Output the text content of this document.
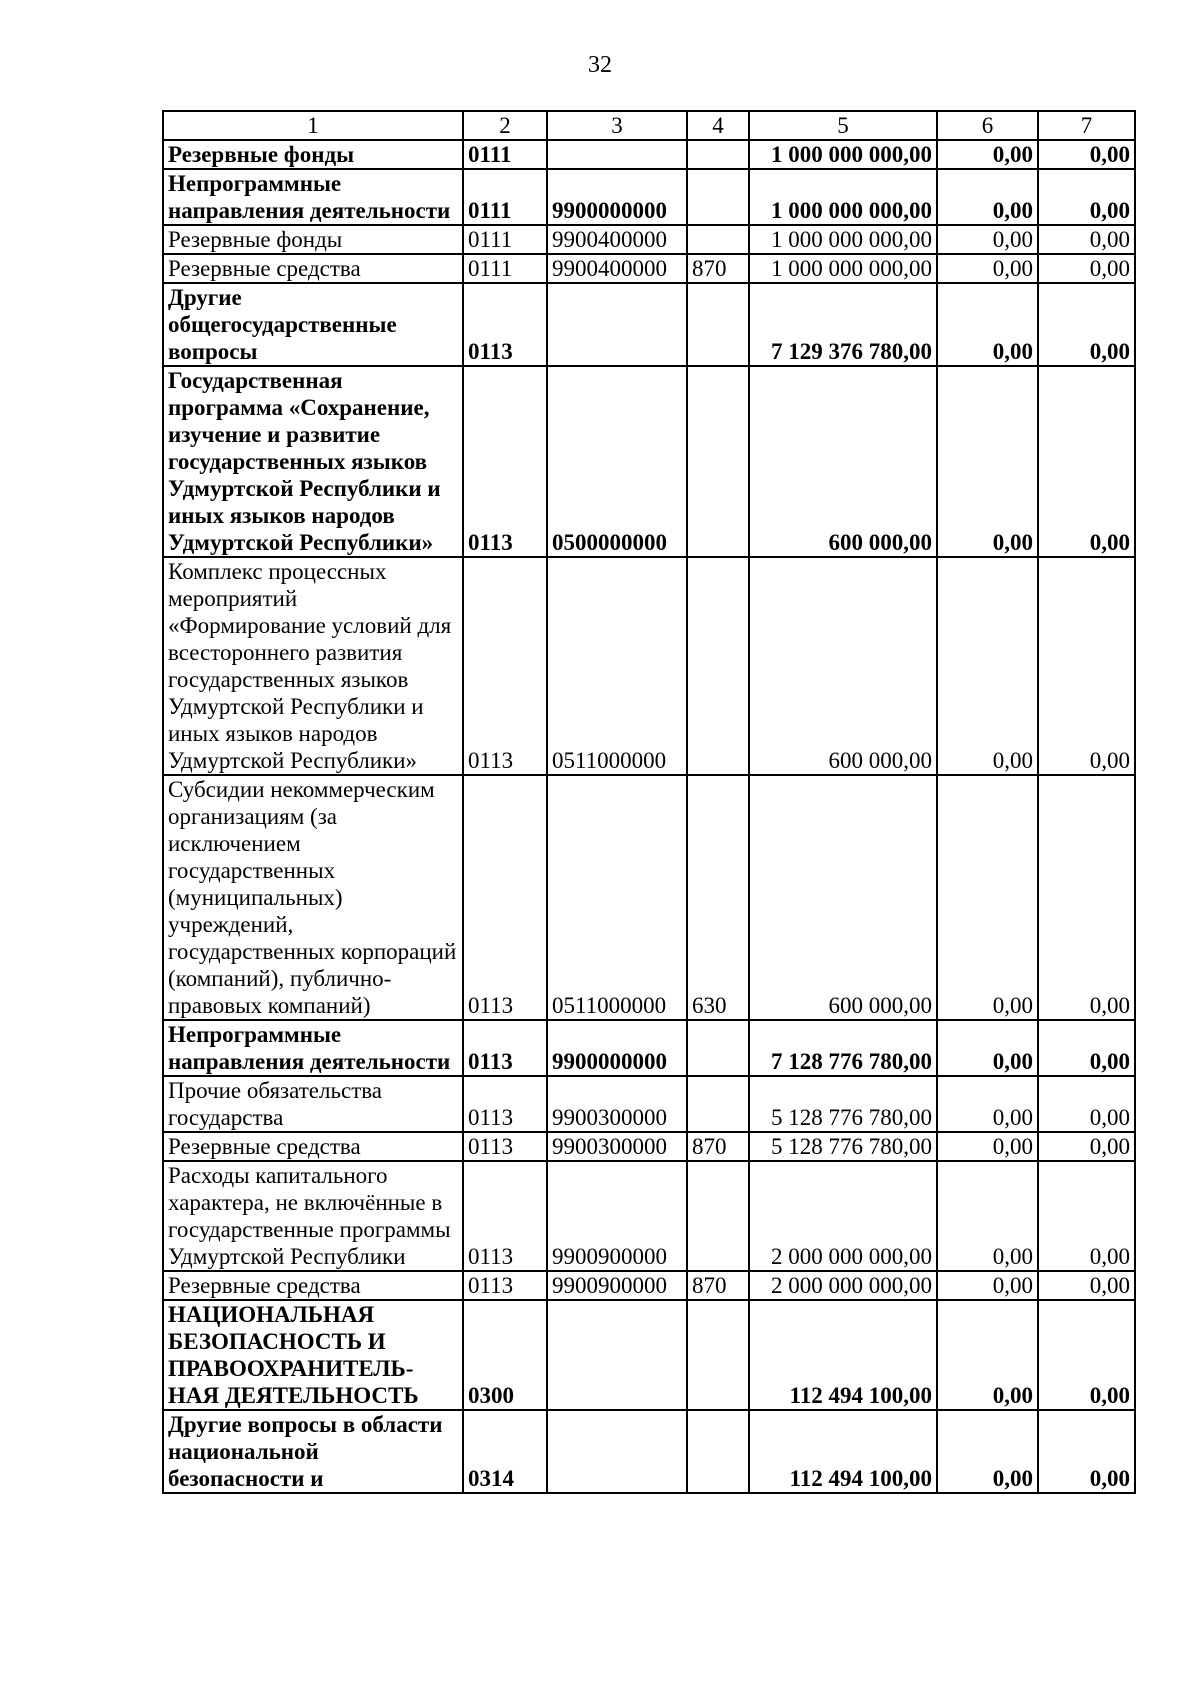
32
1	2	3	4	5	6	7
Резервные фонды	0111			1 000 000 000,00	0,00	0,00
Непрограммные направления деятельности	0111	9900000000		1 000 000 000,00	0,00	0,00
Резервные фонды	0111	9900400000		1 000 000 000,00	0,00	0,00
Резервные средства	0111	9900400000	870	1 000 000 000,00	0,00	0,00
Другие общегосударственные вопросы	0113			7 129 376 780,00	0,00	0,00
Государственная программа «Сохранение, изучение и развитие государственных языков Удмуртской Республики и иных языков народов Удмуртской Республики»	0113	0500000000		600 000,00	0,00	0,00
Комплекс процессных мероприятий «Формирование условий для всестороннего развития государственных языков Удмуртской Республики и иных языков народов Удмуртской Республики»	0113	0511000000		600 000,00	0,00	0,00
Субсидии некоммерческим организациям (за исключением государственных (муниципальных) учреждений, государственных корпораций (компаний), публично-правовых компаний)	0113	0511000000	630	600 000,00	0,00	0,00
Непрограммные направления деятельности	0113	9900000000		7 128 776 780,00	0,00	0,00
Прочие обязательства государства	0113	9900300000		5 128 776 780,00	0,00	0,00
Резервные средства	0113	9900300000	870	5 128 776 780,00	0,00	0,00
Расходы капитального характера, не включённые в государственные программы Удмуртской Республики	0113	9900900000		2 000 000 000,00	0,00	0,00
Резервные средства	0113	9900900000	870	2 000 000 000,00	0,00	0,00
НАЦИОНАЛЬНАЯ БЕЗОПАСНОСТЬ И ПРАВООХРАНИТЕЛЬ-НАЯ ДЕЯТЕЛЬНОСТЬ	0300			112 494 100,00	0,00	0,00
Другие вопросы в области национальной безопасности и	0314			112 494 100,00	0,00	0,00
